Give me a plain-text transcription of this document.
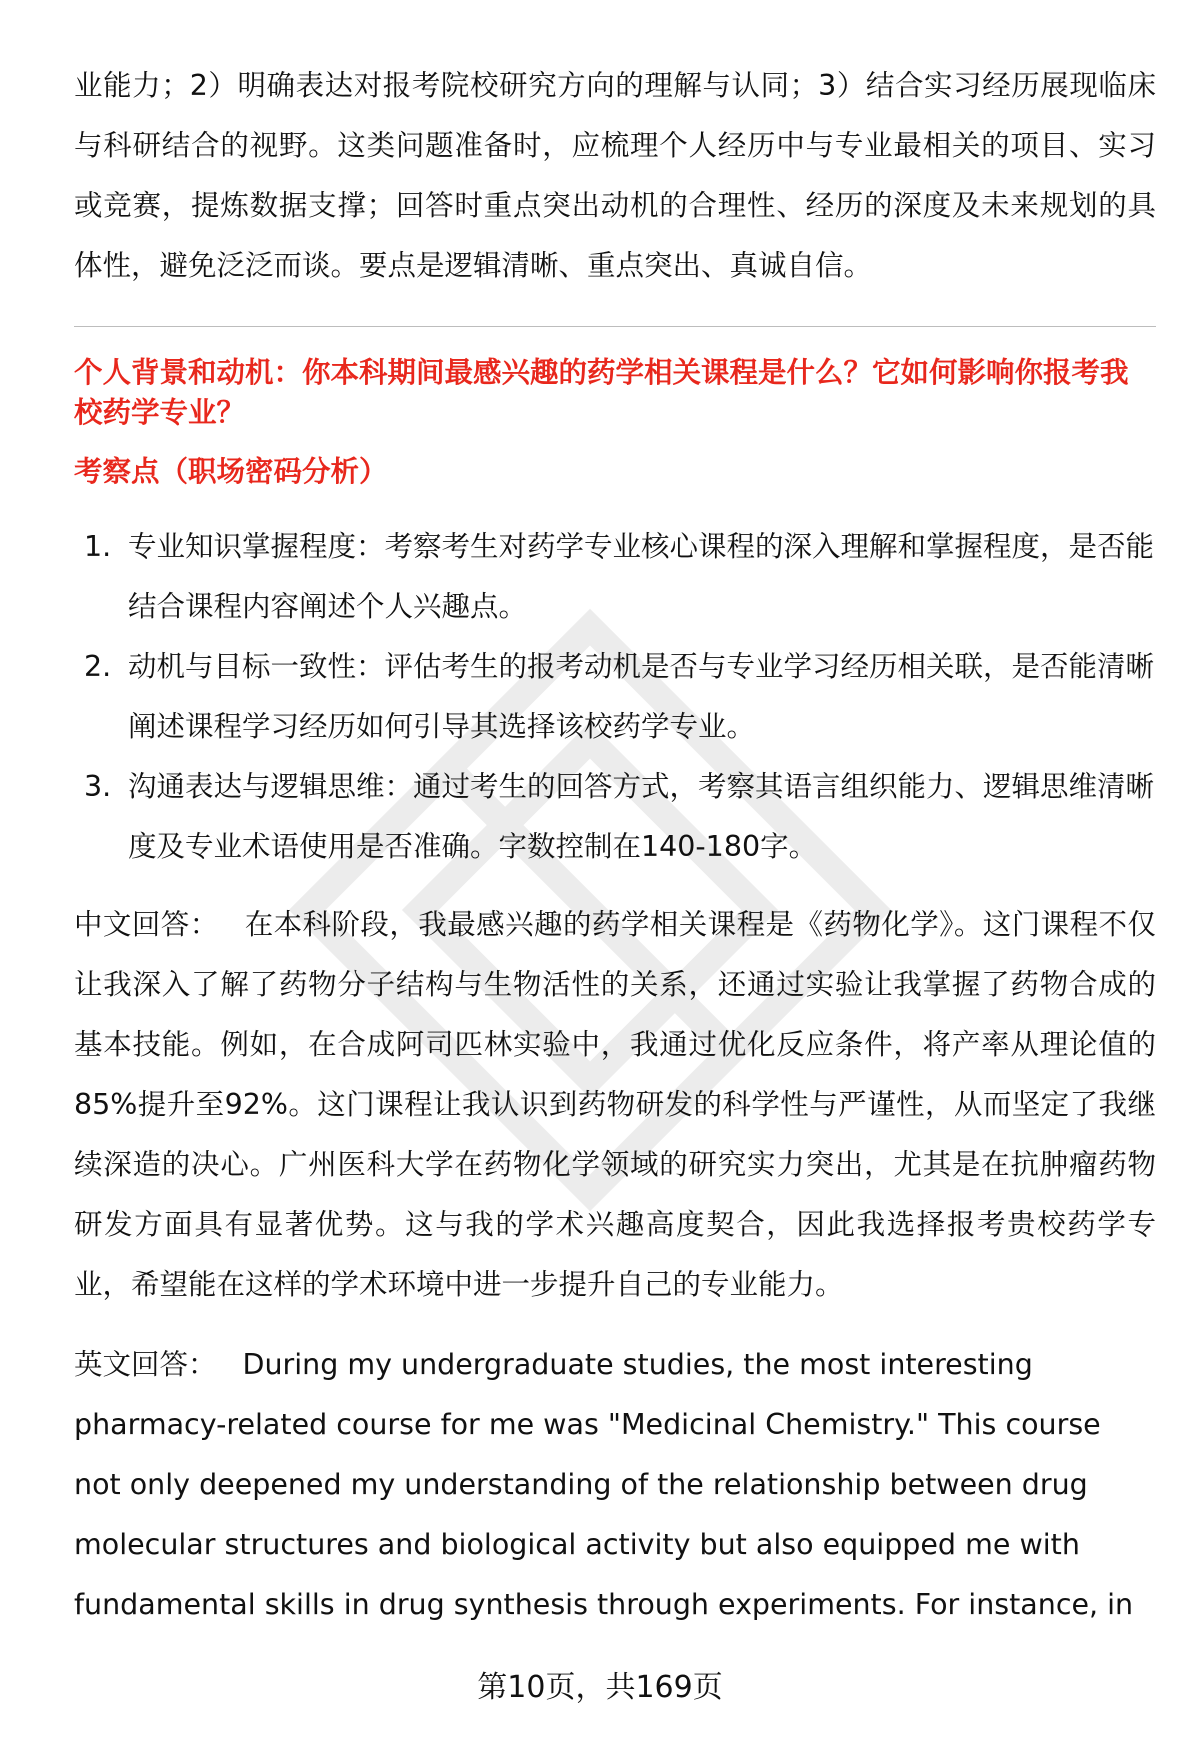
业能力；2）明确表达对报考院校研究方向的理解与认同；3）结合实习经历展现临床与科研结合的视野。这类问题准备时，应梳理个人经历中与专业最相关的项目、实习或竞赛，提炼数据支撑；回答时重点突出动机的合理性、经历的深度及未来规划的具体性，避免泛泛而谈。要点是逻辑清晰、重点突出、真诚自信。

个人背景和动机：你本科期间最感兴趣的药学相关课程是什么？它如何影响你报考我校药学专业？
考察点（职场密码分析）
1. 专业知识掌握程度：考察考生对药学专业核心课程的深入理解和掌握程度，是否能结合课程内容阐述个人兴趣点。
2. 动机与目标一致性：评估考生的报考动机是否与专业学习经历相关联，是否能清晰阐述课程学习经历如何引导其选择该校药学专业。
3. 沟通表达与逻辑思维：通过考生的回答方式，考察其语言组织能力、逻辑思维清晰度及专业术语使用是否准确。字数控制在140-180字。

中文回答： 在本科阶段，我最感兴趣的药学相关课程是《药物化学》。这门课程不仅让我深入了解了药物分子结构与生物活性的关系，还通过实验让我掌握了药物合成的基本技能。例如，在合成阿司匹林实验中，我通过优化反应条件，将产率从理论值的85%提升至92%。这门课程让我认识到药物研发的科学性与严谨性，从而坚定了我继续深造的决心。广州医科大学在药物化学领域的研究实力突出，尤其是在抗肿瘤药物研发方面具有显著优势。这与我的学术兴趣高度契合，因此我选择报考贵校药学专业，希望能在这样的学术环境中进一步提升自己的专业能力。

英文回答： During my undergraduate studies, the most interesting pharmacy-related course for me was "Medicinal Chemistry." This course not only deepened my understanding of the relationship between drug molecular structures and biological activity but also equipped me with fundamental skills in drug synthesis through experiments. For instance, in

第10页，共169页
